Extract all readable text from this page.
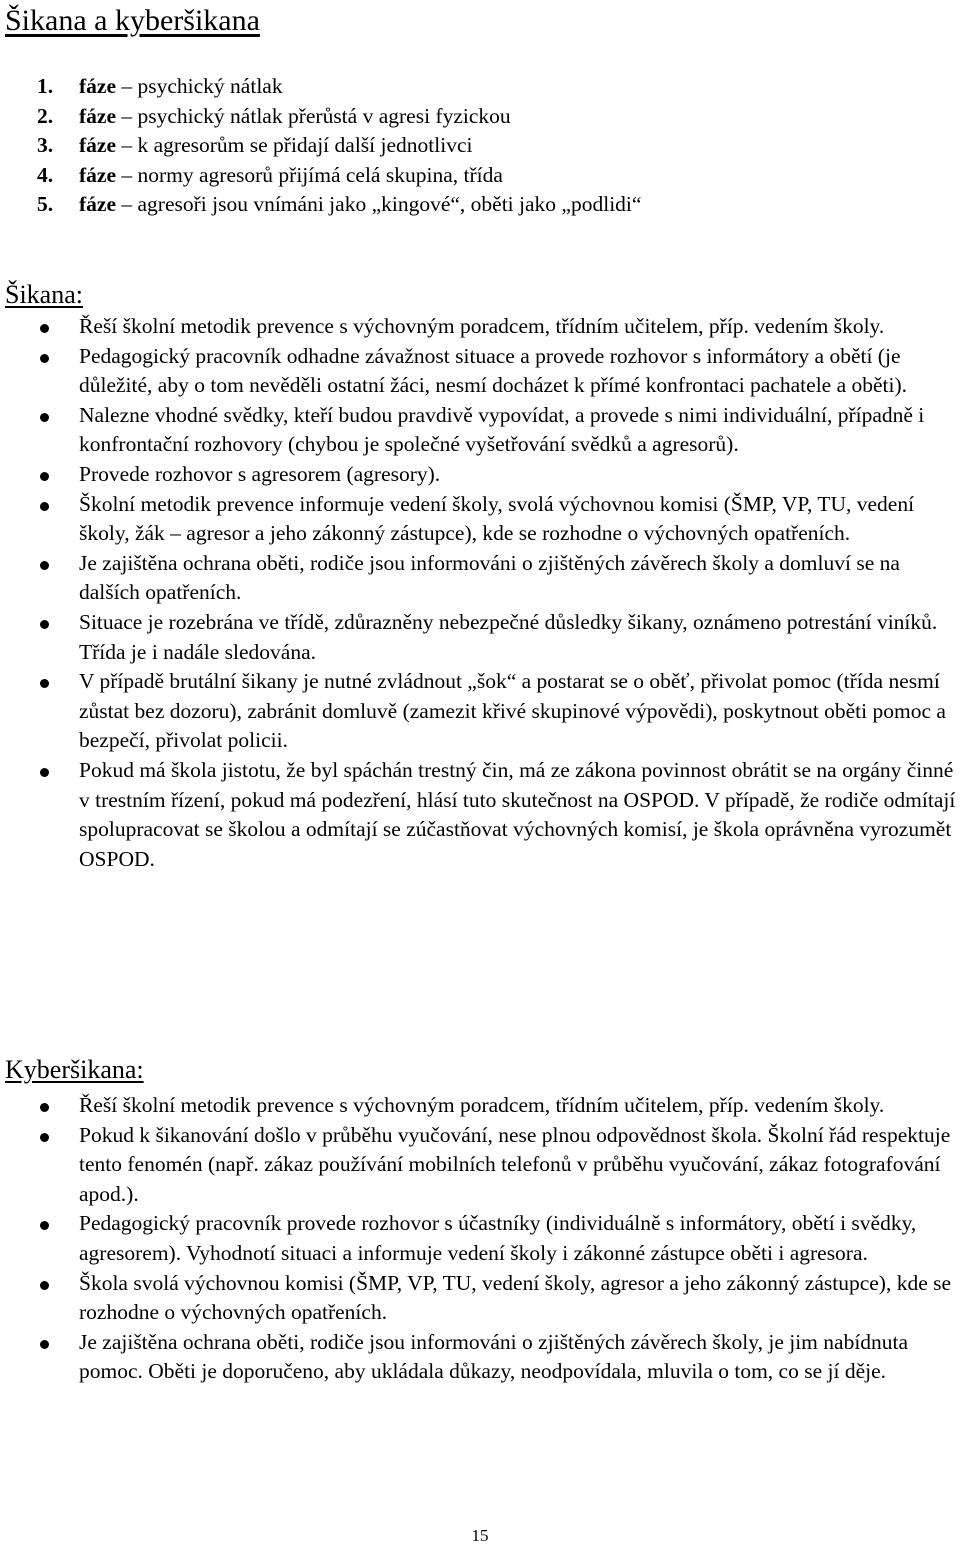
Šikana a kyberšikana
1. fáze – psychický nátlak
2. fáze – psychický nátlak přerůstá v agresi fyzickou
3. fáze – k agresorům se přidají další jednotlivci
4. fáze – normy agresorů přijímá celá skupina, třída
5. fáze – agresoři jsou vnímáni jako „kingové“, oběti jako „podlidi“
Šikana:
Řeší školní metodik prevence s výchovným poradcem, třídním učitelem, příp. vedením školy.
Pedagogický pracovník odhadne závažnost situace a provede rozhovor s informátory a obětí (je důležité, aby o tom nevěděli ostatní žáci, nesmí docházet k přímé konfrontaci pachatele a oběti).
Nalezne vhodné svědky, kteří budou pravdivě vypovídat, a provede s nimi individuální, případně i konfrontační rozhovory (chybou je společné vyšetřování svědků a agresorů).
Provede rozhovor s agresorem (agresory).
Školní metodik prevence informuje vedení školy, svolá výchovnou komisi (ŠMP, VP, TU, vedení školy, žák – agresor a jeho zákonný zástupce), kde se rozhodne o výchovných opatřeních.
Je zajištěna ochrana oběti, rodiče jsou informováni o zjištěných závěrech školy a domluví se na dalších opatřeních.
Situace je rozebrána ve třídě, zdůrazněny nebezpečné důsledky šikany, oznámeno potrestání viníků. Třída je i nadále sledována.
V případě brutální šikany je nutné zvládnout „šok“ a postarat se o oběť, přivolat pomoc (třída nesmí zůstat bez dozoru), zabránit domluvě (zamezit křivé skupinové výpovědi), poskytnout oběti pomoc a bezpečí, přivolat policii.
Pokud má škola jistotu, že byl spáchán trestný čin, má ze zákona povinnost obrátit se na orgány činné v trestním řízení, pokud má podezření, hlásí tuto skutečnost na OSPOD. V případě, že rodiče odmítají spolupracovat se školou a odmítají se zúčastňovat výchovných komisí, je škola oprávněna vyrozumět OSPOD.
Kyberšikana:
Řeší školní metodik prevence s výchovným poradcem, třídním učitelem, příp. vedením školy.
Pokud k šikanování došlo v průběhu vyučování, nese plnou odpovědnost škola. Školní řád respektuje tento fenomén (např. zákaz používání mobilních telefonů v průběhu vyučování, zákaz fotografování apod.).
Pedagogický pracovník provede rozhovor s účastníky (individuálně s informátory, obětí i svědky, agresorem). Vyhodnotí situaci a informuje vedení školy i zákonné zástupce oběti i agresora.
Škola svolá výchovnou komisi (ŠMP, VP, TU, vedení školy, agresor a jeho zákonný zástupce), kde se rozhodne o výchovných opatřeních.
Je zajištěna ochrana oběti, rodiče jsou informováni o zjištěných závěrech školy, je jim nabídnuta pomoc. Oběti je doporučeno, aby ukládala důkazy, neodpovídala, mluvila o tom, co se jí děje.
15
